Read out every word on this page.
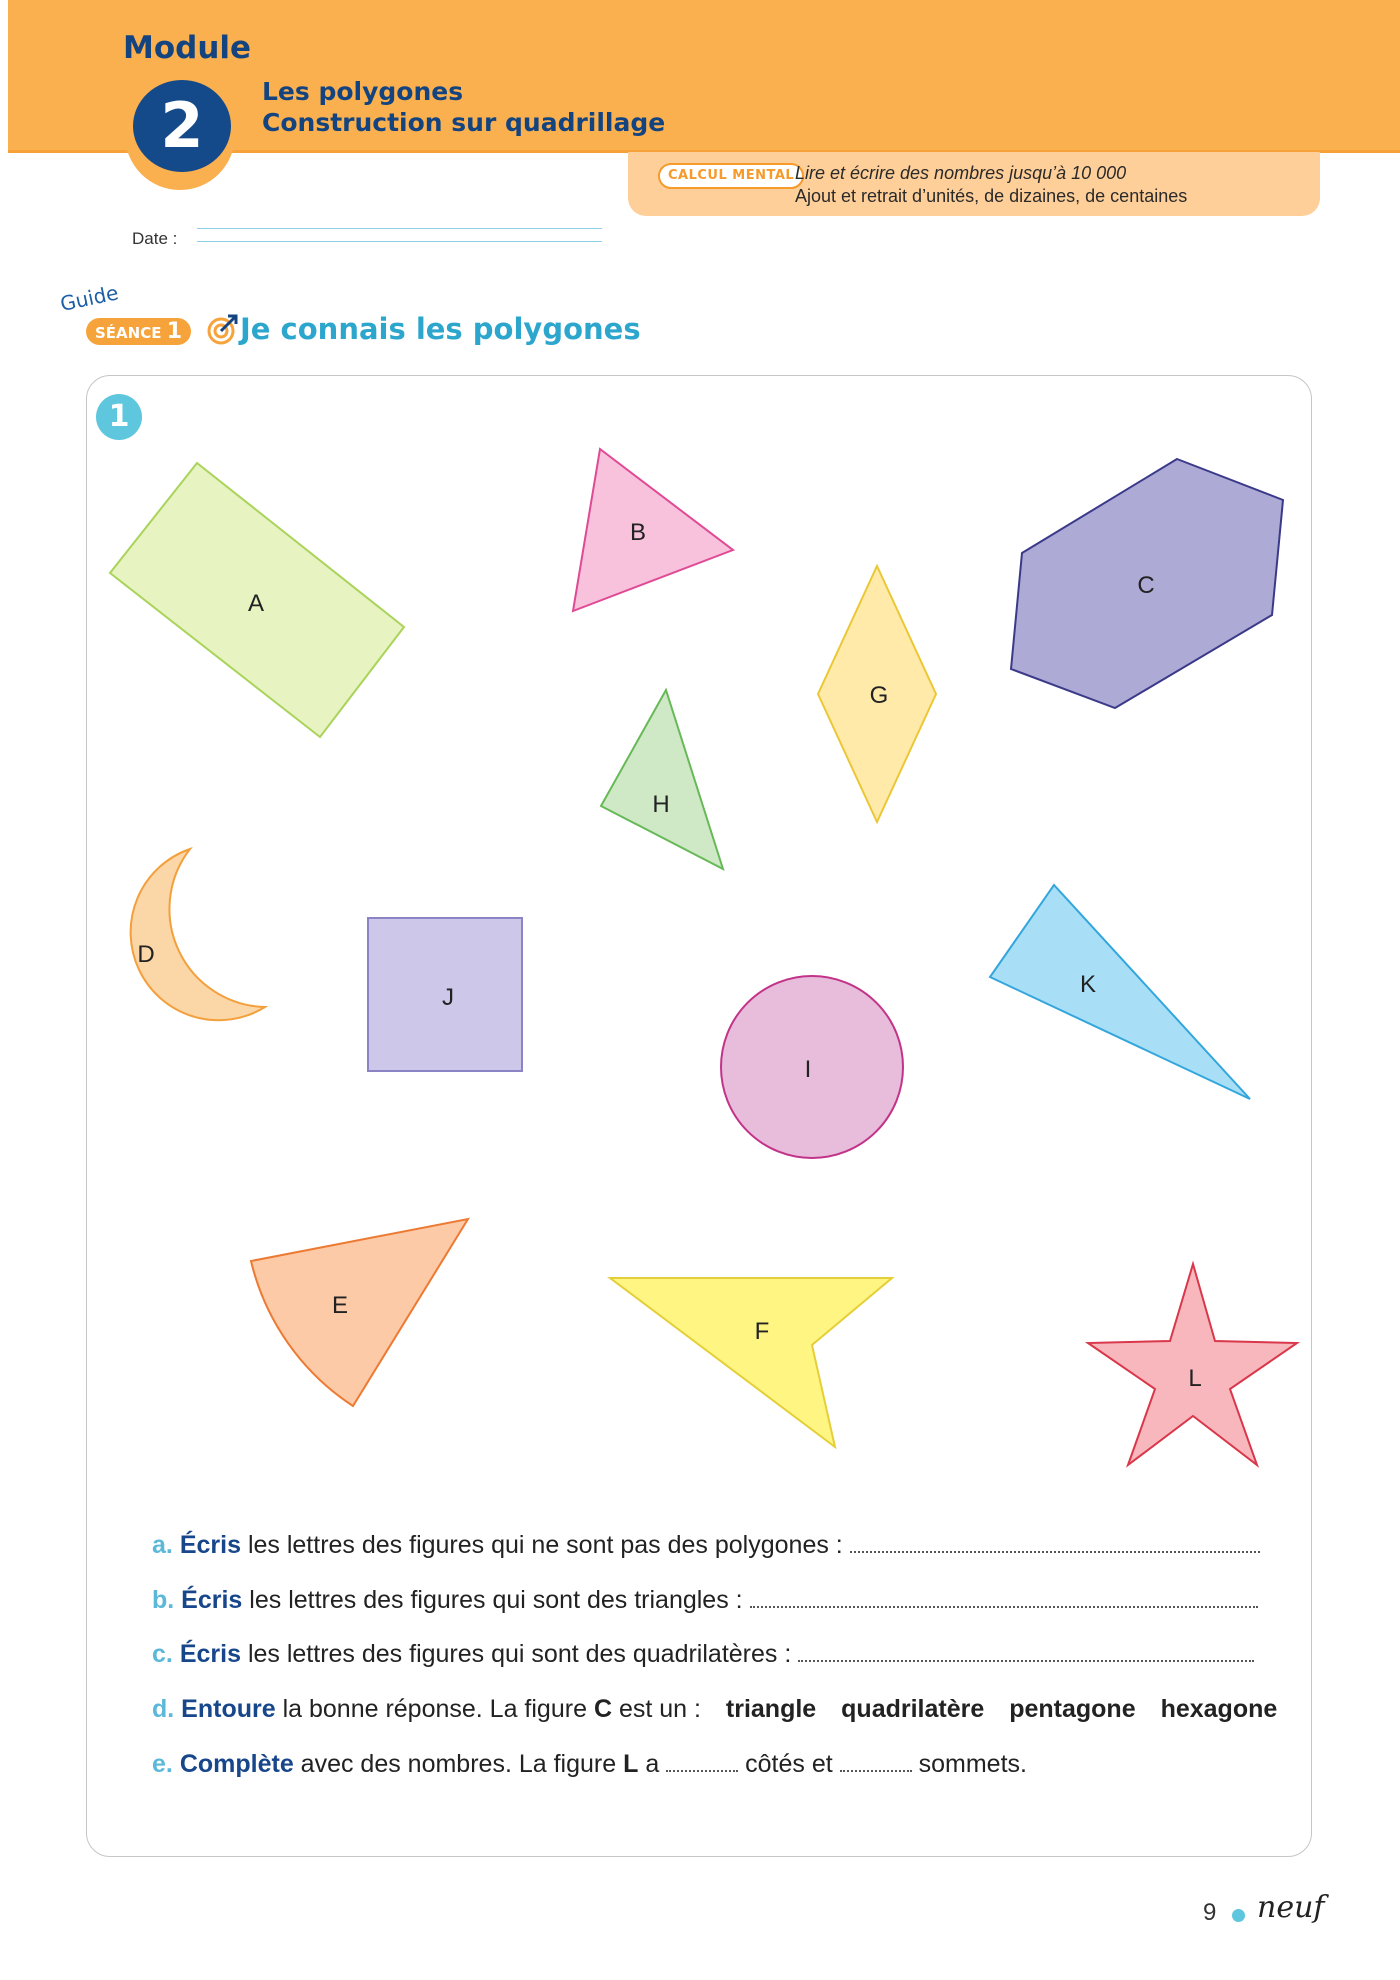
Module
2	Les polygones
Construction sur quadrillage
CALCUL MENTAL Lire et écrire des nombres jusqu’à 10 000
Ajout et retrait d’unités, de dizaines, de centaines
Date :
Guide
SÉANCE 1	Je connais les polygones
1
A
B
C
G
H
D
J
I
K
E
F
L
a. Écris les lettres des figures qui ne sont pas des polygones :
b. Écris les lettres des figures qui sont des triangles :
c. Écris les lettres des figures qui sont des quadrilatères :
d. Entoure la bonne réponse. La figure C est un : triangle quadrilatère pentagone hexagone
e. Complète avec des nombres. La figure L a	côtés et	sommets.
9 neuf
